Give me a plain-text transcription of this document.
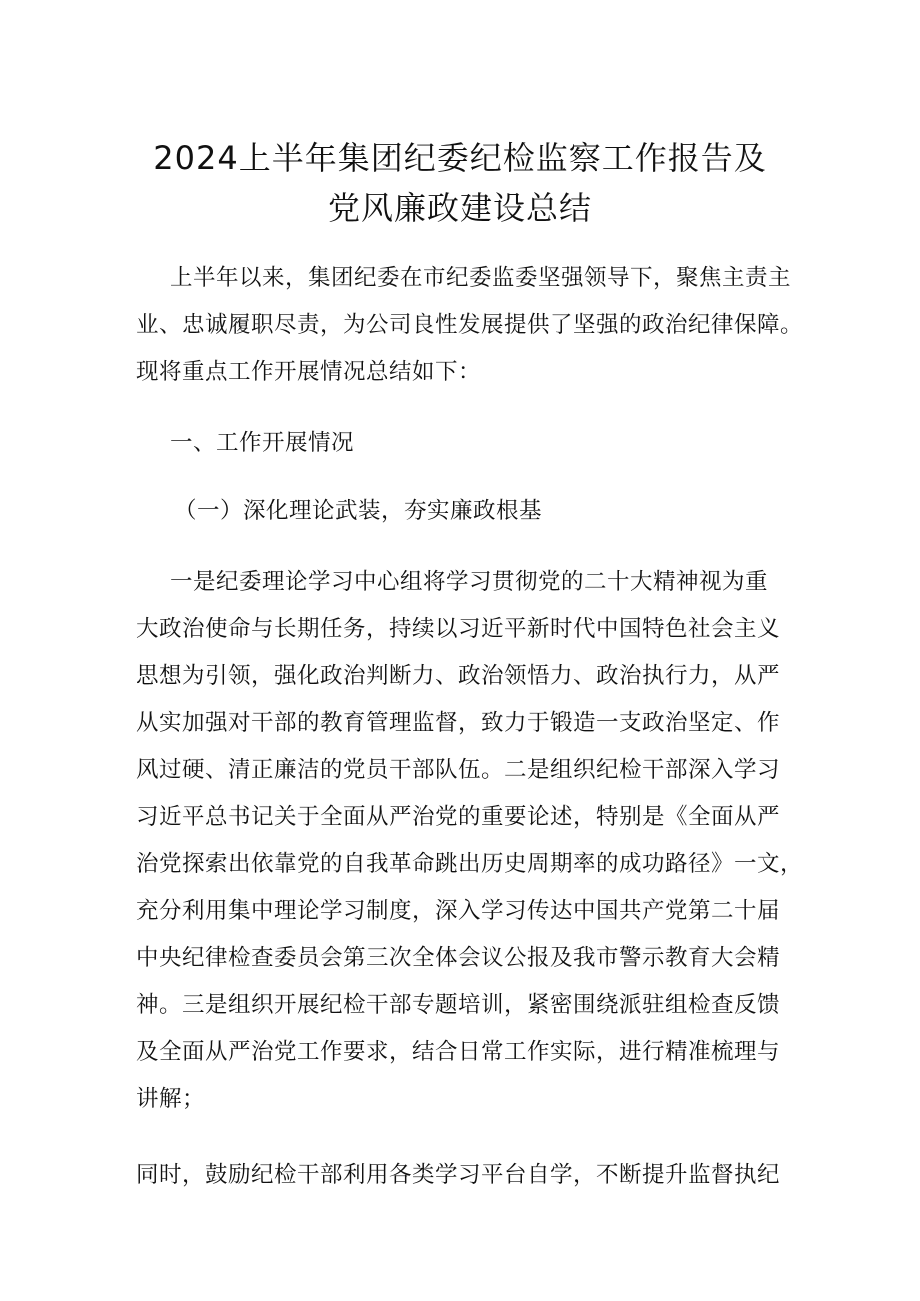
2024上半年集团纪委纪检监察工作报告及
党风廉政建设总结
上半年以来，集团纪委在市纪委监委坚强领导下，聚焦主责主
业、忠诚履职尽责，为公司良性发展提供了坚强的政治纪律保障。
现将重点工作开展情况总结如下：
一、工作开展情况
（一）深化理论武装，夯实廉政根基
一是纪委理论学习中心组将学习贯彻党的二十大精神视为重
大政治使命与长期任务，持续以习近平新时代中国特色社会主义
思想为引领，强化政治判断力、政治领悟力、政治执行力，从严
从实加强对干部的教育管理监督，致力于锻造一支政治坚定、作
风过硬、清正廉洁的党员干部队伍。二是组织纪检干部深入学习
习近平总书记关于全面从严治党的重要论述，特别是《全面从严
治党探索出依靠党的自我革命跳出历史周期率的成功路径》一文，
充分利用集中理论学习制度，深入学习传达中国共产党第二十届
中央纪律检查委员会第三次全体会议公报及我市警示教育大会精
神。三是组织开展纪检干部专题培训，紧密围绕派驻组检查反馈
及全面从严治党工作要求，结合日常工作实际，进行精准梳理与
讲解；
同时，鼓励纪检干部利用各类学习平台自学，不断提升监督执纪
